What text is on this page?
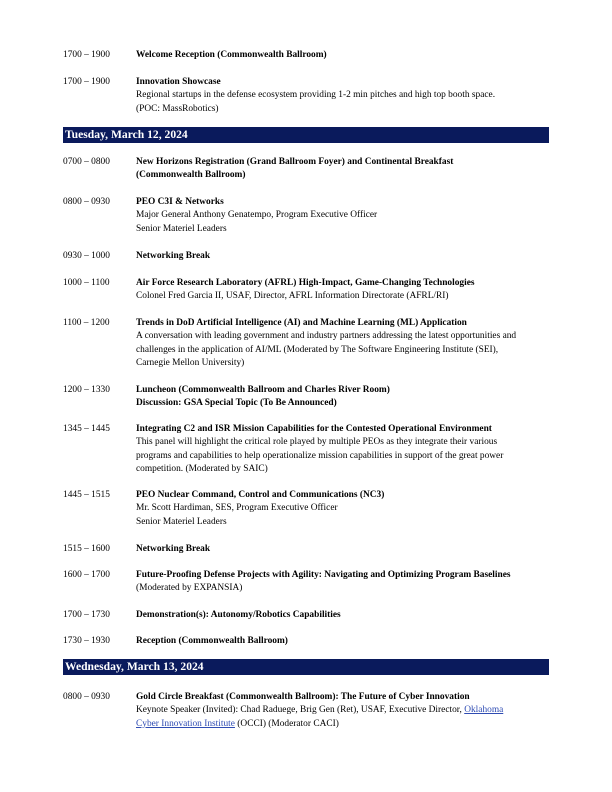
1700 – 1900	Welcome Reception (Commonwealth Ballroom)
1700 – 1900	Innovation Showcase
Regional startups in the defense ecosystem providing 1-2 min pitches and high top booth space.
(POC: MassRobotics)
Tuesday, March 12, 2024
0700 – 0800	New Horizons Registration (Grand Ballroom Foyer) and Continental Breakfast
(Commonwealth Ballroom)
0800 – 0930	PEO C3I & Networks
Major General Anthony Genatempo, Program Executive Officer
Senior Materiel Leaders
0930 – 1000	Networking Break
1000 – 1100	Air Force Research Laboratory (AFRL) High-Impact, Game-Changing Technologies
Colonel Fred Garcia II, USAF, Director, AFRL Information Directorate (AFRL/RI)
1100 – 1200	Trends in DoD Artificial Intelligence (AI) and Machine Learning (ML) Application
A conversation with leading government and industry partners addressing the latest opportunities and
challenges in the application of AI/ML (Moderated by The Software Engineering Institute (SEI),
Carnegie Mellon University)
1200 – 1330	Luncheon (Commonwealth Ballroom and Charles River Room)
Discussion: GSA Special Topic (To Be Announced)
1345 – 1445	Integrating C2 and ISR Mission Capabilities for the Contested Operational Environment
This panel will highlight the critical role played by multiple PEOs as they integrate their various
programs and capabilities to help operationalize mission capabilities in support of the great power
competition. (Moderated by SAIC)
1445 – 1515	PEO Nuclear Command, Control and Communications (NC3)
Mr. Scott Hardiman, SES, Program Executive Officer
Senior Materiel Leaders
1515 – 1600	Networking Break
1600 – 1700	Future-Proofing Defense Projects with Agility: Navigating and Optimizing Program Baselines
(Moderated by EXPANSIA)
1700 – 1730	Demonstration(s): Autonomy/Robotics Capabilities
1730 – 1930	Reception (Commonwealth Ballroom)
Wednesday, March 13, 2024
0800 – 0930	Gold Circle Breakfast (Commonwealth Ballroom): The Future of Cyber Innovation
Keynote Speaker (Invited): Chad Raduege, Brig Gen (Ret), USAF, Executive Director, Oklahoma
Cyber Innovation Institute (OCCI) (Moderator CACI)
